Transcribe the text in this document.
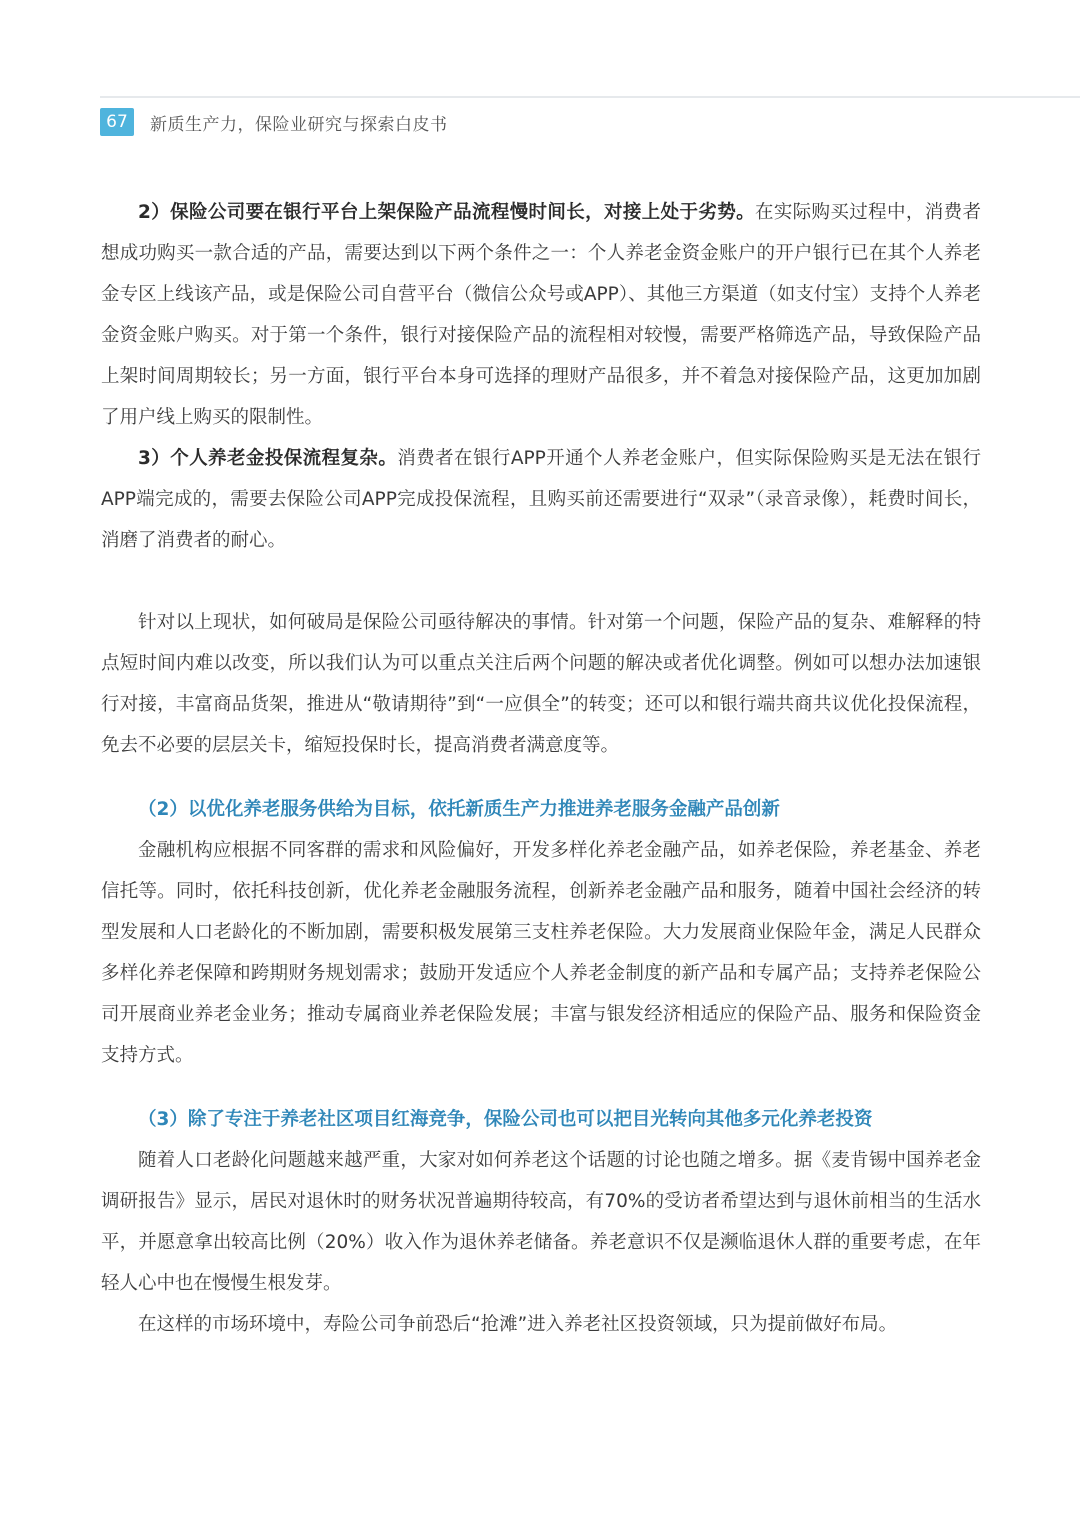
67	新质生产力，保险业研究与探索白皮书

2）保险公司要在银行平台上架保险产品流程慢时间长，对接上处于劣势。在实际购买过程中，消费者想成功购买一款合适的产品，需要达到以下两个条件之一：个人养老金资金账户的开户银行已在其个人养老金专区上线该产品，或是保险公司自营平台（微信公众号或APP）、其他三方渠道（如支付宝）支持个人养老金资金账户购买。对于第一个条件，银行对接保险产品的流程相对较慢，需要严格筛选产品，导致保险产品上架时间周期较长；另一方面，银行平台本身可选择的理财产品很多，并不着急对接保险产品，这更加加剧了用户线上购买的限制性。

3）个人养老金投保流程复杂。消费者在银行APP开通个人养老金账户，但实际保险购买是无法在银行APP端完成的，需要去保险公司APP完成投保流程，且购买前还需要进行“双录”（录音录像），耗费时间长，消磨了消费者的耐心。

针对以上现状，如何破局是保险公司亟待解决的事情。针对第一个问题，保险产品的复杂、难解释的特点短时间内难以改变，所以我们认为可以重点关注后两个问题的解决或者优化调整。例如可以想办法加速银行对接，丰富商品货架，推进从“敬请期待”到“一应俱全”的转变；还可以和银行端共商共议优化投保流程，免去不必要的层层关卡，缩短投保时长，提高消费者满意度等。

（2）以优化养老服务供给为目标，依托新质生产力推进养老服务金融产品创新

金融机构应根据不同客群的需求和风险偏好，开发多样化养老金融产品，如养老保险，养老基金、养老信托等。同时，依托科技创新，优化养老金融服务流程，创新养老金融产品和服务，随着中国社会经济的转型发展和人口老龄化的不断加剧，需要积极发展第三支柱养老保险。大力发展商业保险年金，满足人民群众多样化养老保障和跨期财务规划需求；鼓励开发适应个人养老金制度的新产品和专属产品；支持养老保险公司开展商业养老金业务；推动专属商业养老保险发展；丰富与银发经济相适应的保险产品、服务和保险资金支持方式。

（3）除了专注于养老社区项目红海竞争，保险公司也可以把目光转向其他多元化养老投资

随着人口老龄化问题越来越严重，大家对如何养老这个话题的讨论也随之增多。据《麦肯锡中国养老金调研报告》显示，居民对退休时的财务状况普遍期待较高，有70%的受访者希望达到与退休前相当的生活水平，并愿意拿出较高比例（20%）收入作为退休养老储备。养老意识不仅是濒临退休人群的重要考虑，在年轻人心中也在慢慢生根发芽。

在这样的市场环境中，寿险公司争前恐后“抢滩”进入养老社区投资领域，只为提前做好布局。
